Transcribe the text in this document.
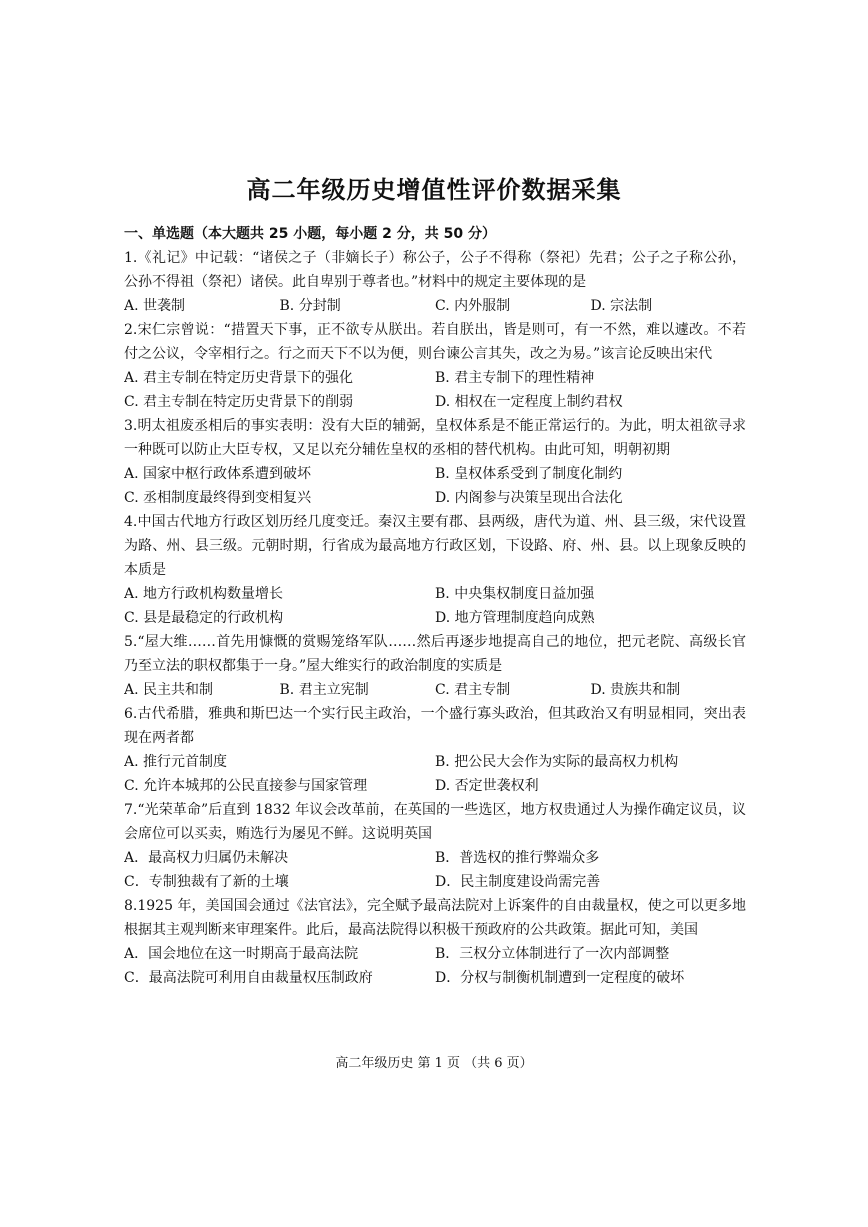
高二年级历史增值性评价数据采集
一、单选题（本大题共 25 小题，每小题 2 分，共 50 分）
1.《礼记》中记载：“诸侯之子（非嫡长子）称公子，公子不得称（祭祀）先君；公子之子称公孙，公孙不得祖（祭祀）诸侯。此自卑别于尊者也。”材料中的规定主要体现的是
A. 世袭制	B. 分封制	C. 内外服制	D. 宗法制
2.宋仁宗曾说：“措置天下事，正不欲专从朕出。若自朕出，皆是则可，有一不然，难以遽改。不若付之公议，令宰相行之。行之而天下不以为便，则台谏公言其失，改之为易。”该言论反映出宋代
A. 君主专制在特定历史背景下的强化	B. 君主专制下的理性精神
C. 君主专制在特定历史背景下的削弱	D. 相权在一定程度上制约君权
3.明太祖废丞相后的事实表明：没有大臣的辅弼，皇权体系是不能正常运行的。为此，明太祖欲寻求一种既可以防止大臣专权，又足以充分辅佐皇权的丞相的替代机构。由此可知，明朝初期
A. 国家中枢行政体系遭到破坏	B. 皇权体系受到了制度化制约
C. 丞相制度最终得到变相复兴	D. 内阁参与决策呈现出合法化
4.中国古代地方行政区划历经几度变迁。秦汉主要有郡、县两级，唐代为道、州、县三级，宋代设置为路、州、县三级。元朝时期，行省成为最高地方行政区划，下设路、府、州、县。以上现象反映的本质是
A. 地方行政机构数量增长	B. 中央集权制度日益加强
C. 县是最稳定的行政机构	D. 地方管理制度趋向成熟
5.“屋大维……首先用慷慨的赏赐笼络军队……然后再逐步地提高自己的地位，把元老院、高级长官乃至立法的职权都集于一身。”屋大维实行的政治制度的实质是
A. 民主共和制	B. 君主立宪制	C. 君主专制	D. 贵族共和制
6.古代希腊，雅典和斯巴达一个实行民主政治，一个盛行寡头政治，但其政治又有明显相同，突出表现在两者都
A. 推行元首制度	B. 把公民大会作为实际的最高权力机构
C. 允许本城邦的公民直接参与国家管理	D. 否定世袭权利
7.“光荣革命”后直到 1832 年议会改革前，在英国的一些选区，地方权贵通过人为操作确定议员，议会席位可以买卖，贿选行为屡见不鲜。这说明英国
A．最高权力归属仍未解决	B．普选权的推行弊端众多
C．专制独裁有了新的土壤	D．民主制度建设尚需完善
8.1925 年，美国国会通过《法官法》，完全赋予最高法院对上诉案件的自由裁量权，使之可以更多地根据其主观判断来审理案件。此后，最高法院得以积极干预政府的公共政策。据此可知，美国
A．国会地位在这一时期高于最高法院	B．三权分立体制进行了一次内部调整
C．最高法院可利用自由裁量权压制政府	D．分权与制衡机制遭到一定程度的破坏
高二年级历史 第 1 页 （共 6 页）
